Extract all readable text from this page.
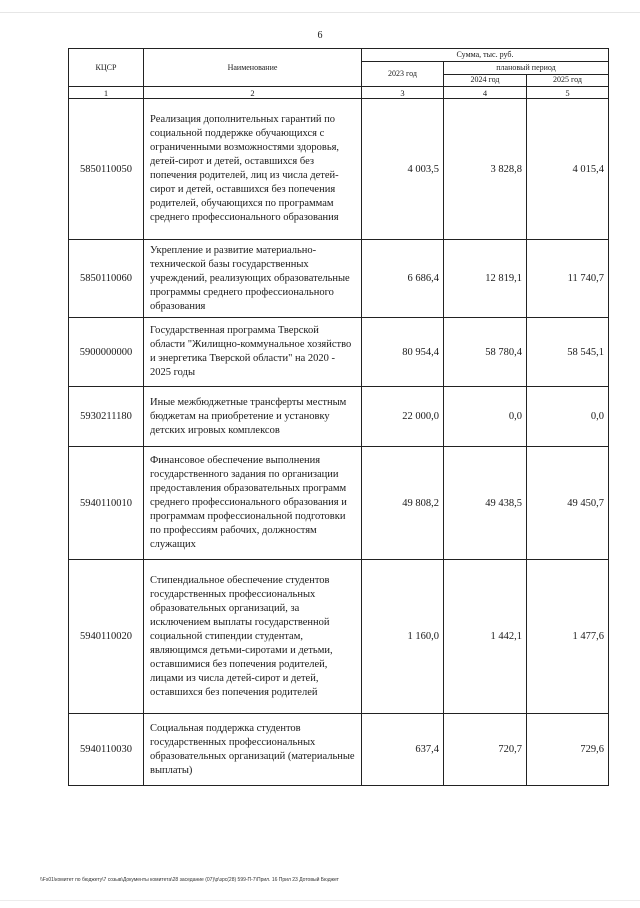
6
КЦСР	Наименование	Сумма, тыс. руб.		
		2023 год	плановый период	
			2024 год	2025 год
1	2	3	4	5
5850110050	Реализация дополнительных гарантий по социальной поддержке обучающихся с ограниченными возможностями здоровья, детей-сирот и детей, оставшихся без попечения родителей, лиц из числа детей-сирот и детей, оставшихся без попечения родителей, обучающихся по программам среднего профессионального образования	4 003,5	3 828,8	4 015,4
5850110060	Укрепление и развитие материально-технической базы государственных учреждений, реализующих образовательные программы среднего профессионального образования	6 686,4	12 819,1	11 740,7
5900000000	Государственная программа Тверской области "Жилищно-коммунальное хозяйство и энергетика Тверской области" на 2020 - 2025 годы	80 954,4	58 780,4	58 545,1
5930211180	Иные межбюджетные трансферты местным бюджетам на приобретение и установку детских игровых комплексов	22 000,0	0,0	0,0
5940110010	Финансовое обеспечение выполнения государственного задания по организации предоставления образовательных программ среднего профессионального образования и программам профессиональной подготовки по профессиям рабочих, должностям служащих	49 808,2	49 438,5	49 450,7
5940110020	Стипендиальное обеспечение студентов государственных профессиональных образовательных организаций, за исключением выплаты государственной социальной стипендии студентам, являющимся детьми-сиротами и детьми, оставшимися без попечения родителей, лицами из числа детей-сирот и детей, оставшихся без попечения родителей	1 160,0	1 442,1	1 477,6
5940110030	Социальная поддержка студентов государственных профессиональных образовательных организаций (материальные выплаты)	637,4	720,7	729,6
\\Fs01\комитет по бюджету\7 созыв\Документы комитета\28 заседание (07)\р\зрс(28) 599-П-7\Прил. 16 Прил 23 Дотовый Бюджет
